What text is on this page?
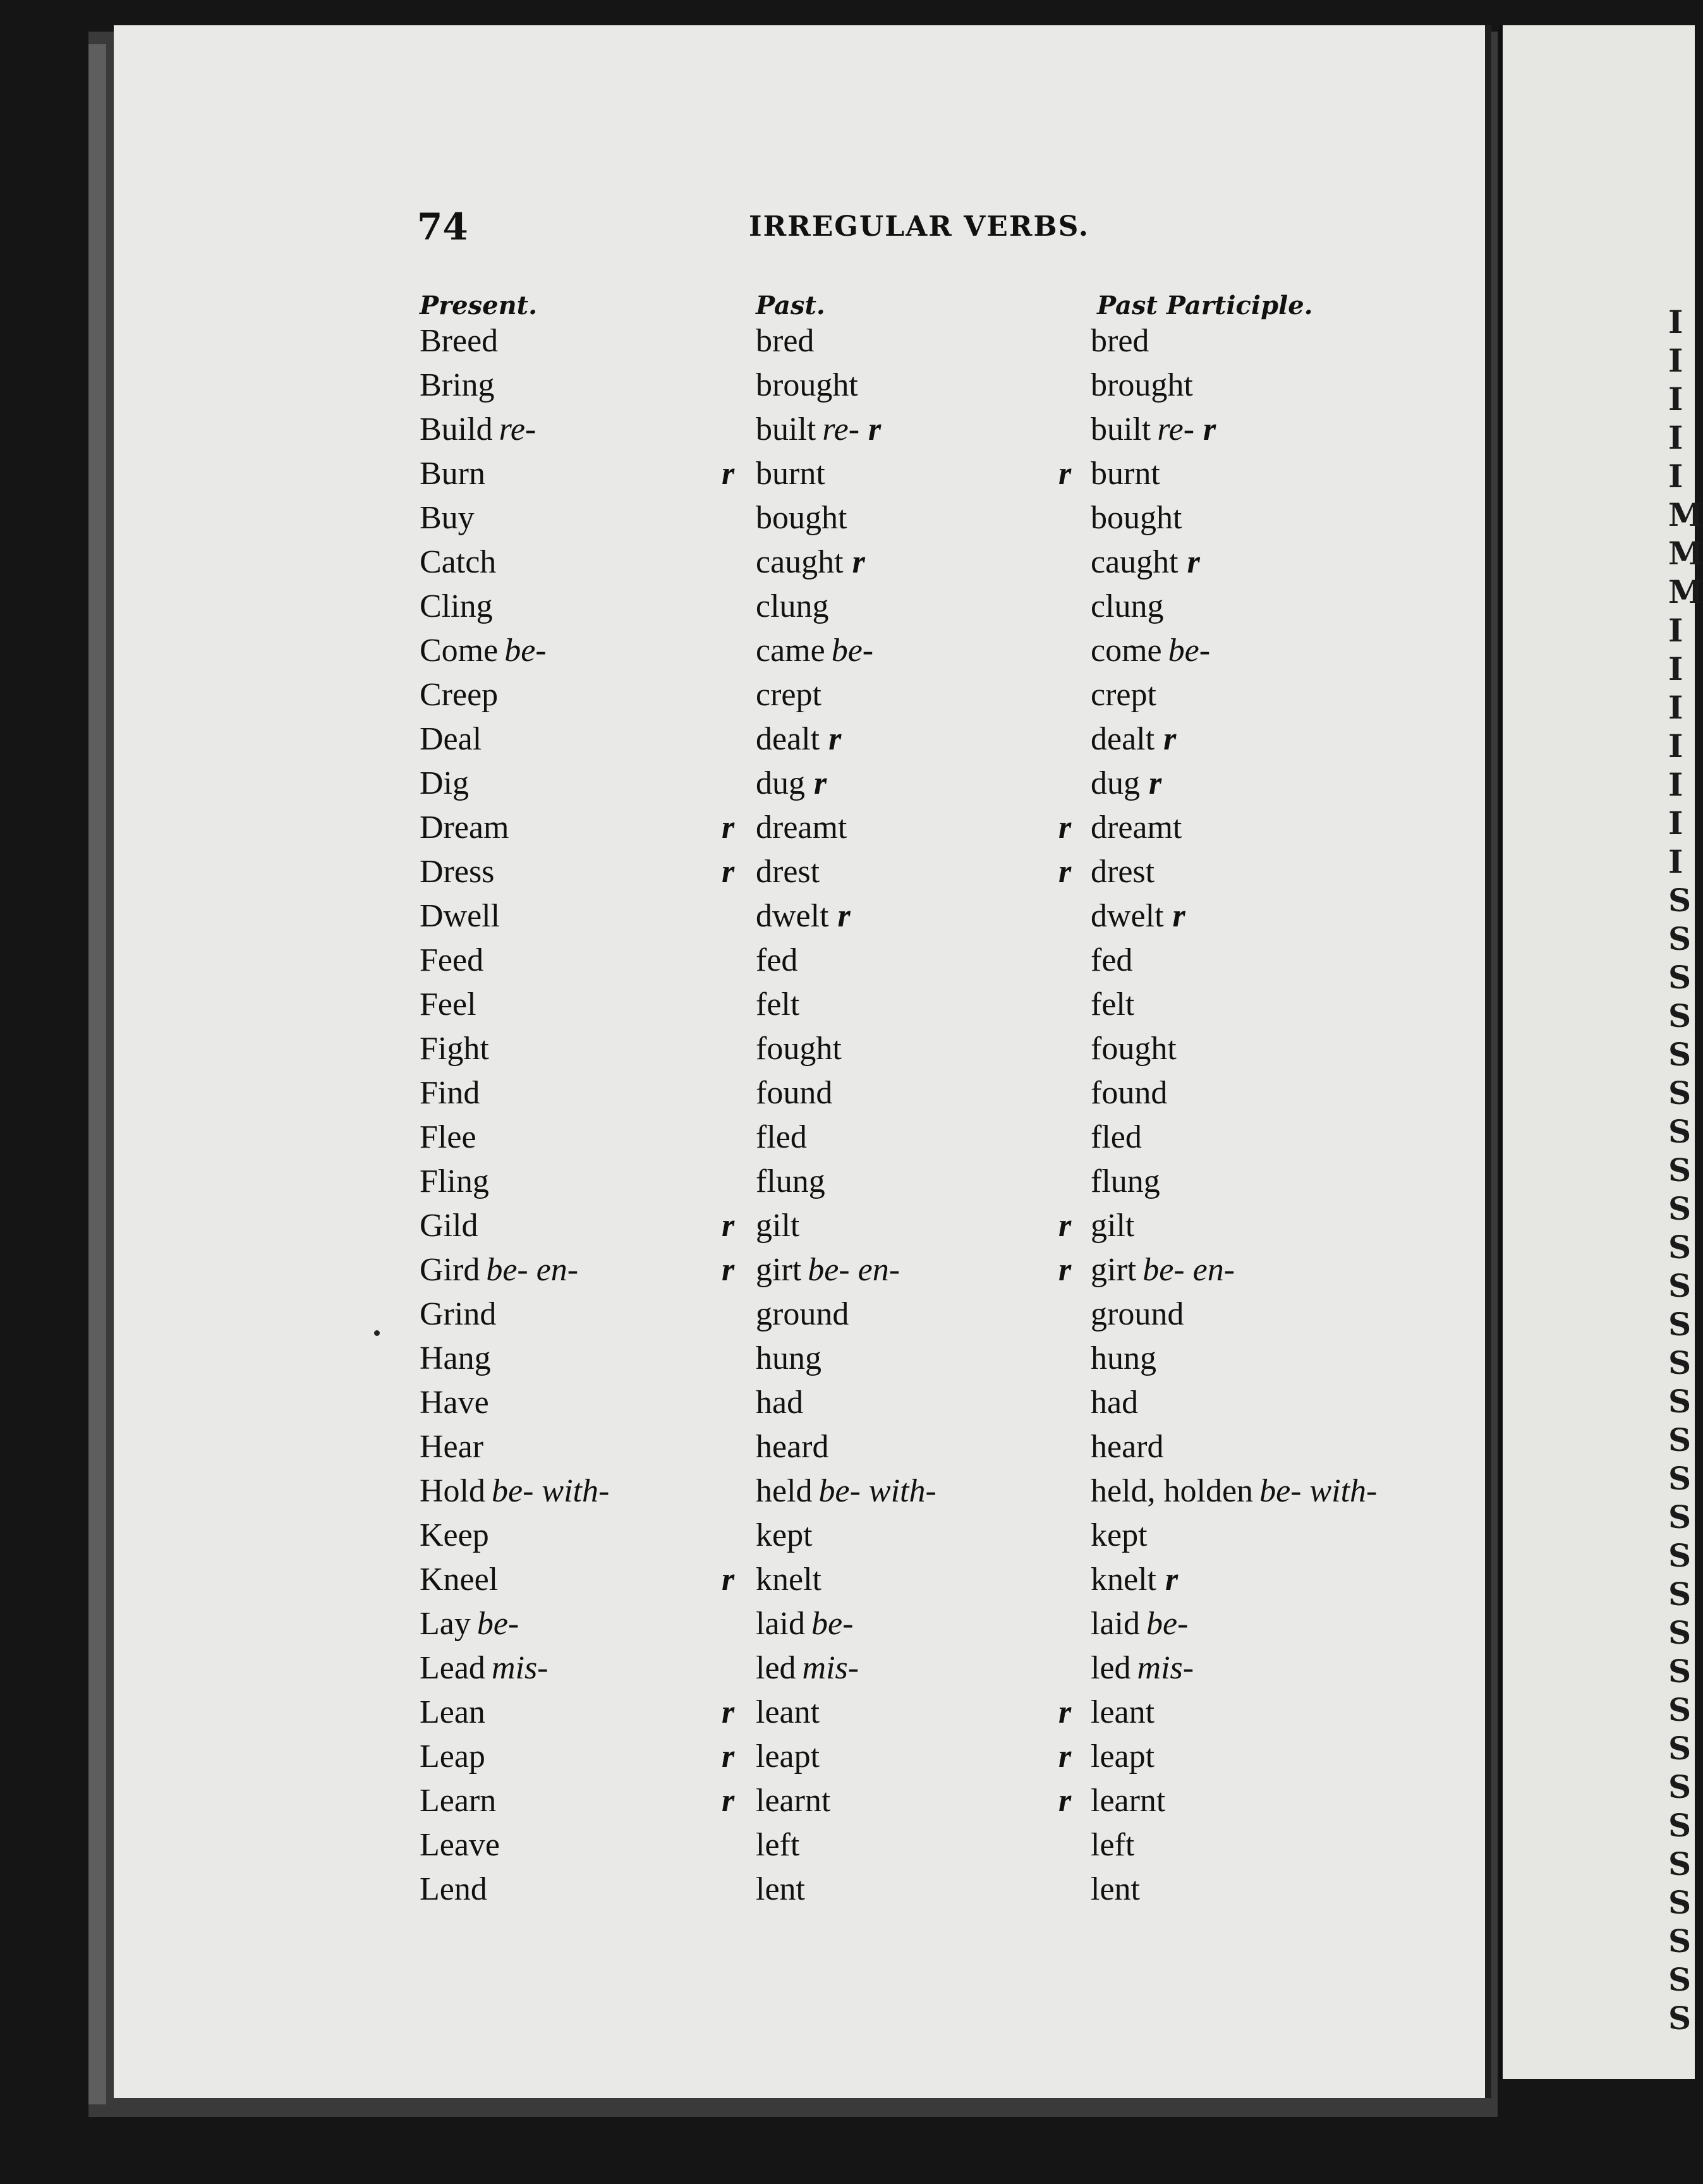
74	IRREGULAR VERBS.
Present.	Past.	Past Participle.
Breed	bred	bred
Bring	brought	brought
Build re-	built re- r	built re- r
Burn	r burnt	r burnt
Buy	bought	bought
Catch	caught r	caught r
Cling	clung	clung
Come be-	came be-	come be-
Creep	crept	crept
Deal	dealt r	dealt r
Dig	dug r	dug r
Dream	r dreamt	r dreamt
Dress	r drest	r drest
Dwell	dwelt r	dwelt r
Feed	fed	fed
Feel	felt	felt
Fight	fought	fought
Find	found	found
Flee	fled	fled
Fling	flung	flung
Gild	r gilt	r gilt
Gird be- en-	r girt be- en-	r girt be- en-
Grind	ground	ground
Hang	hung	hung
Have	had	had
Hear	heard	heard
Hold be- with-	held be- with-	held, holden be- with-
Keep	kept	kept
Kneel	r knelt	knelt r
Lay be-	laid be-	laid be-
Lead mis-	led mis-	led mis-
Lean	r leant	r leant
Leap	r leapt	r leapt
Learn	r learnt	r learnt
Leave	left	left
Lend	lent	lent
I
I
I
I
I
M
M
M
I
I
I
I
I
I
I
S
S
S
S
S
S
S
S
S
S
S
S
S
S
S
S
S
S
S
S
S
S
S
S
S
S
S
S
S
S
